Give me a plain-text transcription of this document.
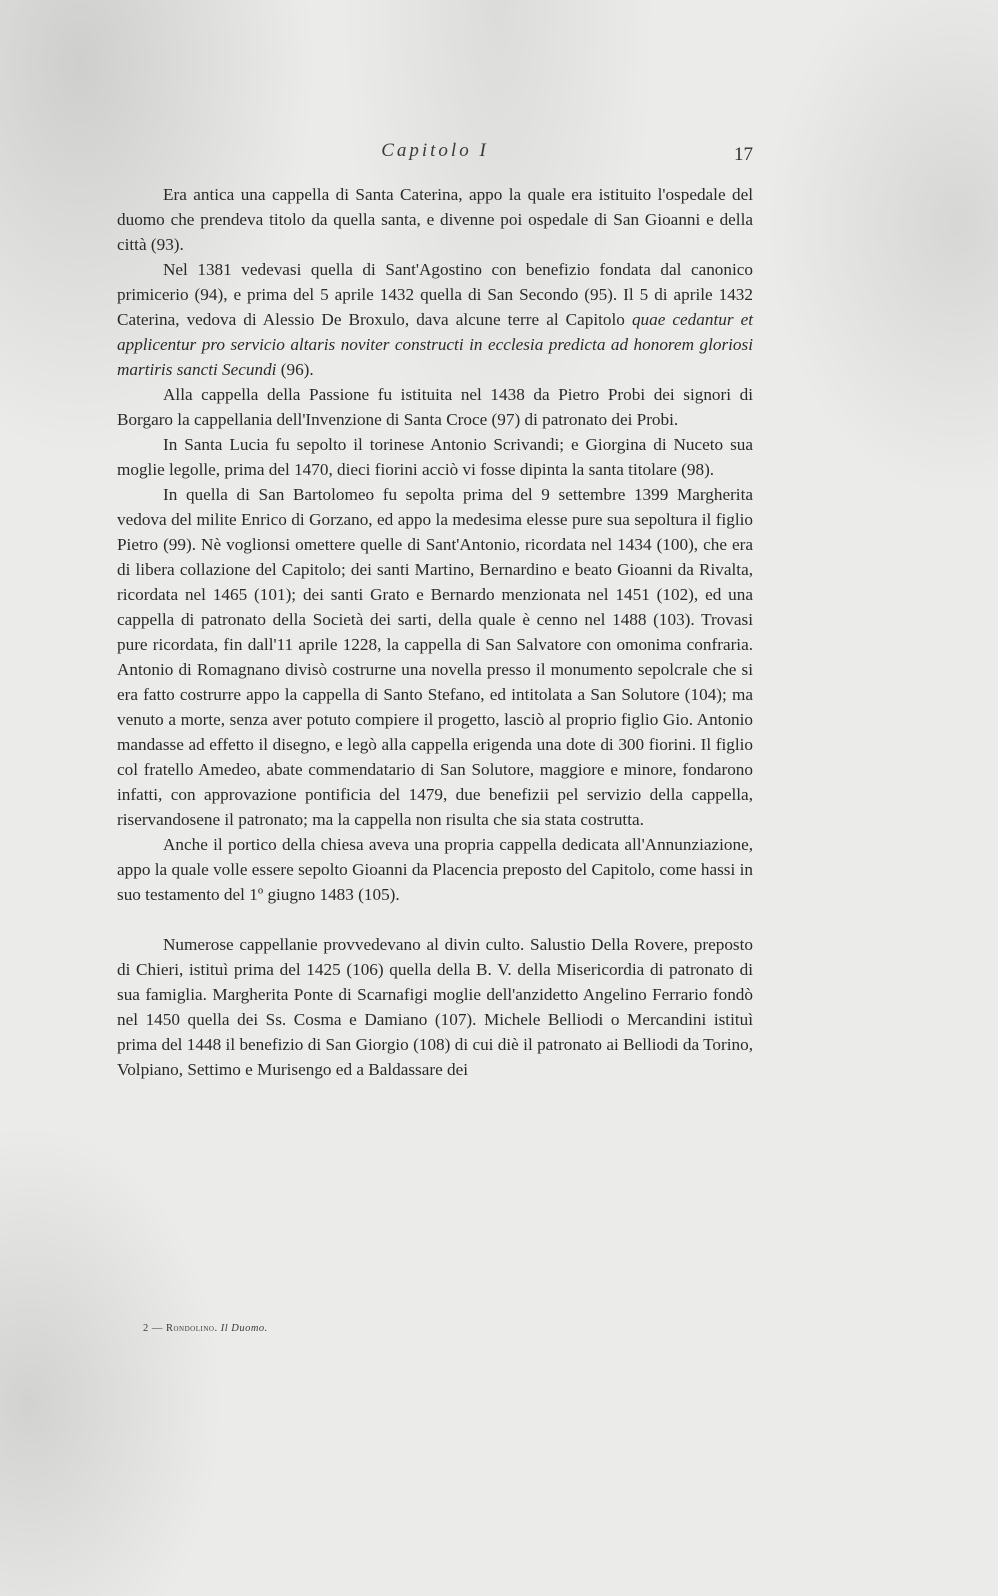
Capitolo I	17

Era antica una cappella di Santa Caterina, appo la quale era istituito l'ospedale del duomo che prendeva titolo da quella santa, e divenne poi ospedale di San Gioanni e della città (93).

Nel 1381 vedevasi quella di Sant'Agostino con benefizio fondata dal canonico primicerio (94), e prima del 5 aprile 1432 quella di San Secondo (95). Il 5 di aprile 1432 Caterina, vedova di Alessio De Broxulo, dava alcune terre al Capitolo quae cedantur et applicentur pro servicio altaris noviter constructi in ecclesia predicta ad honorem gloriosi martiris sancti Secundi (96).

Alla cappella della Passione fu istituita nel 1438 da Pietro Probi dei signori di Borgaro la cappellania dell'Invenzione di Santa Croce (97) di patronato dei Probi.

In Santa Lucia fu sepolto il torinese Antonio Scrivandi; e Giorgina di Nuceto sua moglie legolle, prima del 1470, dieci fiorini acciò vi fosse dipinta la santa titolare (98).

In quella di San Bartolomeo fu sepolta prima del 9 settembre 1399 Margherita vedova del milite Enrico di Gorzano, ed appo la medesima elesse pure sua sepoltura il figlio Pietro (99). Nè voglionsi omettere quelle di Sant'Antonio, ricordata nel 1434 (100), che era di libera collazione del Capitolo; dei santi Martino, Bernardino e beato Gioanni da Rivalta, ricordata nel 1465 (101); dei santi Grato e Bernardo menzionata nel 1451 (102), ed una cappella di patronato della Società dei sarti, della quale è cenno nel 1488 (103). Trovasi pure ricordata, fin dall'11 aprile 1228, la cappella di San Salvatore con omonima confraria. Antonio di Romagnano divisò costrurne una novella presso il monumento sepolcrale che si era fatto costrurre appo la cappella di Santo Stefano, ed intitolata a San Solutore (104); ma venuto a morte, senza aver potuto compiere il progetto, lasciò al proprio figlio Gio. Antonio mandasse ad effetto il disegno, e legò alla cappella erigenda una dote di 300 fiorini. Il figlio col fratello Amedeo, abate commendatario di San Solutore, maggiore e minore, fondarono infatti, con approvazione pontificia del 1479, due benefizii pel servizio della cappella, riservandosene il patronato; ma la cappella non risulta che sia stata costrutta.

Anche il portico della chiesa aveva una propria cappella dedicata all'Annunziazione, appo la quale volle essere sepolto Gioanni da Placencia preposto del Capitolo, come hassi in suo testamento del 1º giugno 1483 (105).

Numerose cappellanie provvedevano al divin culto. Salustio Della Rovere, preposto di Chieri, istituì prima del 1425 (106) quella della B. V. della Misericordia di patronato di sua famiglia. Margherita Ponte di Scarnafigi moglie dell'anzidetto Angelino Ferrario fondò nel 1450 quella dei Ss. Cosma e Damiano (107). Michele Belliodi o Mercandini istituì prima del 1448 il benefizio di San Giorgio (108) di cui diè il patronato ai Belliodi da Torino, Volpiano, Settimo e Murisengo ed a Baldassare dei

2 — Rondolino. Il Duomo.
